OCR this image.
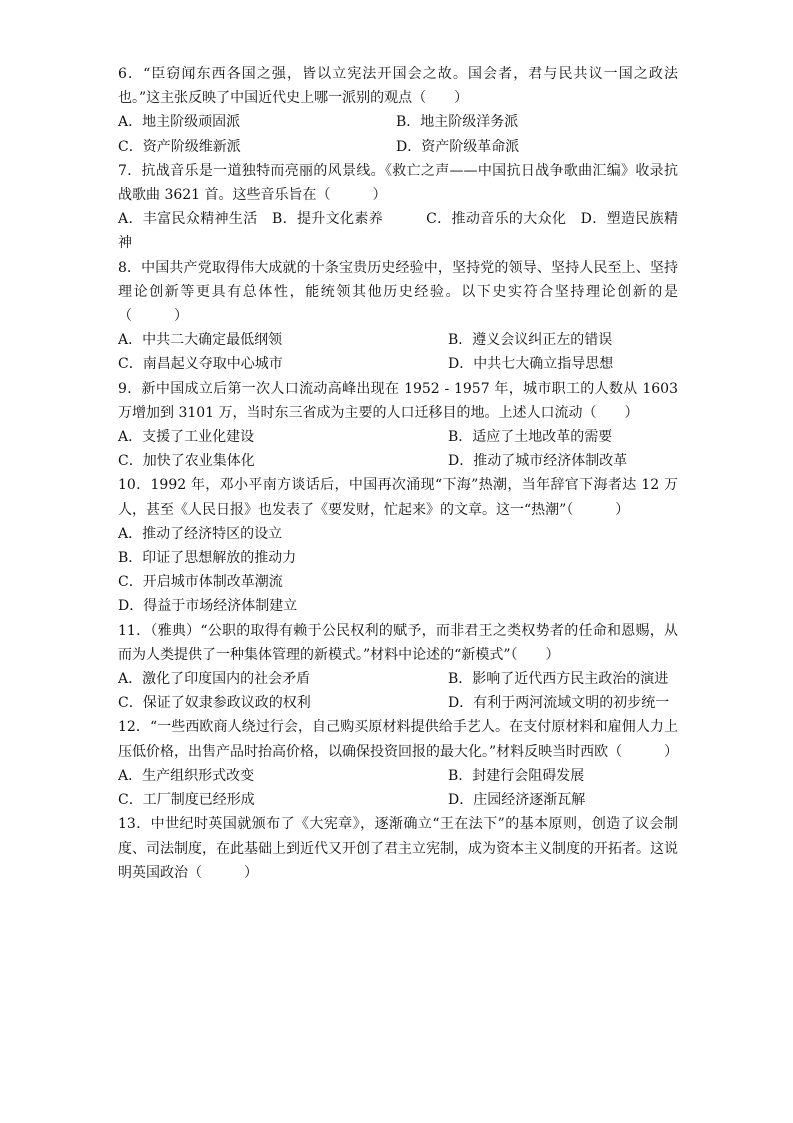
6．“臣窃闻东西各国之强，皆以立宪法开国会之故。国会者，君与民共议一国之政法也。”这主张反映了中国近代史上哪一派别的观点（　　）

A．地主阶级顽固派	B．地主阶级洋务派
C．资产阶级维新派	D．资产阶级革命派

7．抗战音乐是一道独特而亮丽的风景线。《救亡之声——中国抗日战争歌曲汇编》收录抗战歌曲 3621 首。这些音乐旨在（　　　）

A．丰富民众精神生活　B．提升文化素养　　　C．推动音乐的大众化　D．塑造民族精神

8．中国共产党取得伟大成就的十条宝贵历史经验中，坚持党的领导、坚持人民至上、坚持理论创新等更具有总体性，能统领其他历史经验。以下史实符合坚持理论创新的是（　　　）

A．中共二大确定最低纲领	B．遵义会议纠正左的错误
C．南昌起义夺取中心城市	D．中共七大确立指导思想

9．新中国成立后第一次人口流动高峰出现在 1952 - 1957 年，城市职工的人数从 1603 万增加到 3101 万，当时东三省成为主要的人口迁移目的地。上述人口流动（　　）

A．支援了工业化建设	B．适应了土地改革的需要
C．加快了农业集体化	D．推动了城市经济体制改革

10．1992 年，邓小平南方谈话后，中国再次涌现“下海”热潮，当年辞官下海者达 12 万人，甚至《人民日报》也发表了《要发财，忙起来》的文章。这一“热潮”（　　　）

A．推动了经济特区的设立
B．印证了思想解放的推动力
C．开启城市体制改革潮流
D．得益于市场经济体制建立

11．（雅典）“公职的取得有赖于公民权利的赋予，而非君王之类权势者的任命和恩赐，从而为人类提供了一种集体管理的新模式。”材料中论述的“新模式”（　　）

A．激化了印度国内的社会矛盾	B．影响了近代西方民主政治的演进
C．保证了奴隶参政议政的权利	D．有利于两河流域文明的初步统一

12．“一些西欧商人绕过行会，自己购买原材料提供给手艺人。在支付原材料和雇佣人力上压低价格，出售产品时抬高价格，以确保投资回报的最大化。”材料反映当时西欧（　　　）

A．生产组织形式改变	B．封建行会阻碍发展
C．工厂制度已经形成	D．庄园经济逐渐瓦解

13．中世纪时英国就颁布了《大宪章》，逐渐确立“王在法下”的基本原则，创造了议会制度、司法制度，在此基础上到近代又开创了君主立宪制，成为资本主义制度的开拓者。这说明英国政治（　　　）
